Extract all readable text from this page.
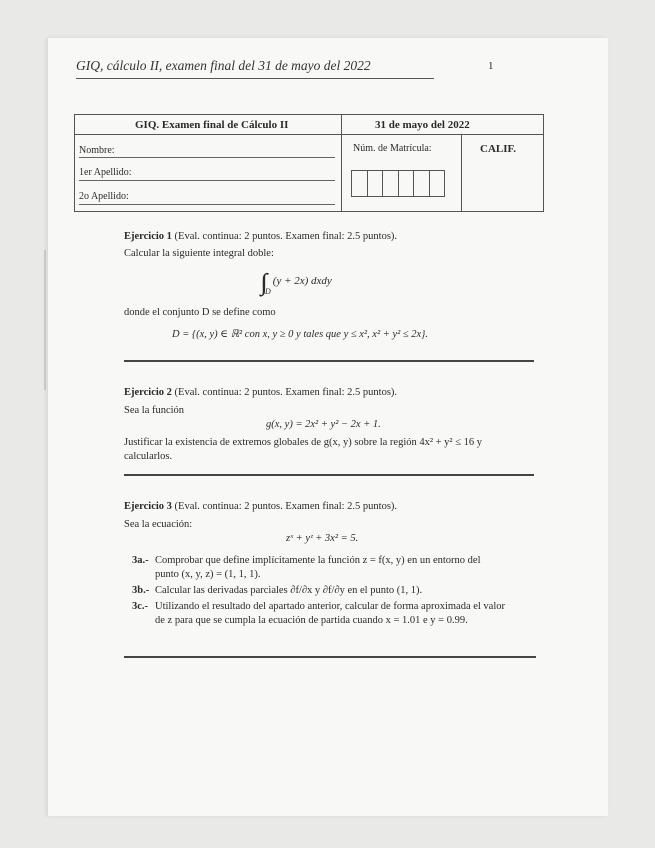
GIQ, cálculo II, examen final del 31 de mayo del 2022	1
GIQ. Examen final de Cálculo II	31 de mayo del 2022
Nombre:
1er Apellido:
2o Apellido:
Núm. de Matrícula:	CALIF.
Ejercicio 1 (Eval. continua: 2 puntos. Examen final: 2.5 puntos).
Calcular la siguiente integral doble:
$_D$(y + 2x) dxdy
donde el conjunto D se define como
D = {(x, y) ∈ ℝ² con x, y ≥ 0 y tales que y ≤ x², x² + y² ≤ 2x}.
Ejercicio 2 (Eval. continua: 2 puntos. Examen final: 2.5 puntos).
Sea la función
g(x, y) = 2x² + y² − 2x + 1.
Justificar la existencia de extremos globales de g(x, y) sobre la región 4x² + y² ≤ 16 y
calcularlos.
Ejercicio 3 (Eval. continua: 2 puntos. Examen final: 2.5 puntos).
Sea la ecuación:
zˣ + yᶻ + 3x² = 5.
3a.- Comprobar que define implícitamente la función z = f(x, y) en un entorno del
punto (x, y, z) = (1, 1, 1).
3b.- Calcular las derivadas parciales ∂f/∂x y ∂f/∂y en el punto (1, 1).
3c.- Utilizando el resultado del apartado anterior, calcular de forma aproximada el valor
de z para que se cumpla la ecuación de partida cuando x = 1.01 e y = 0.99.
